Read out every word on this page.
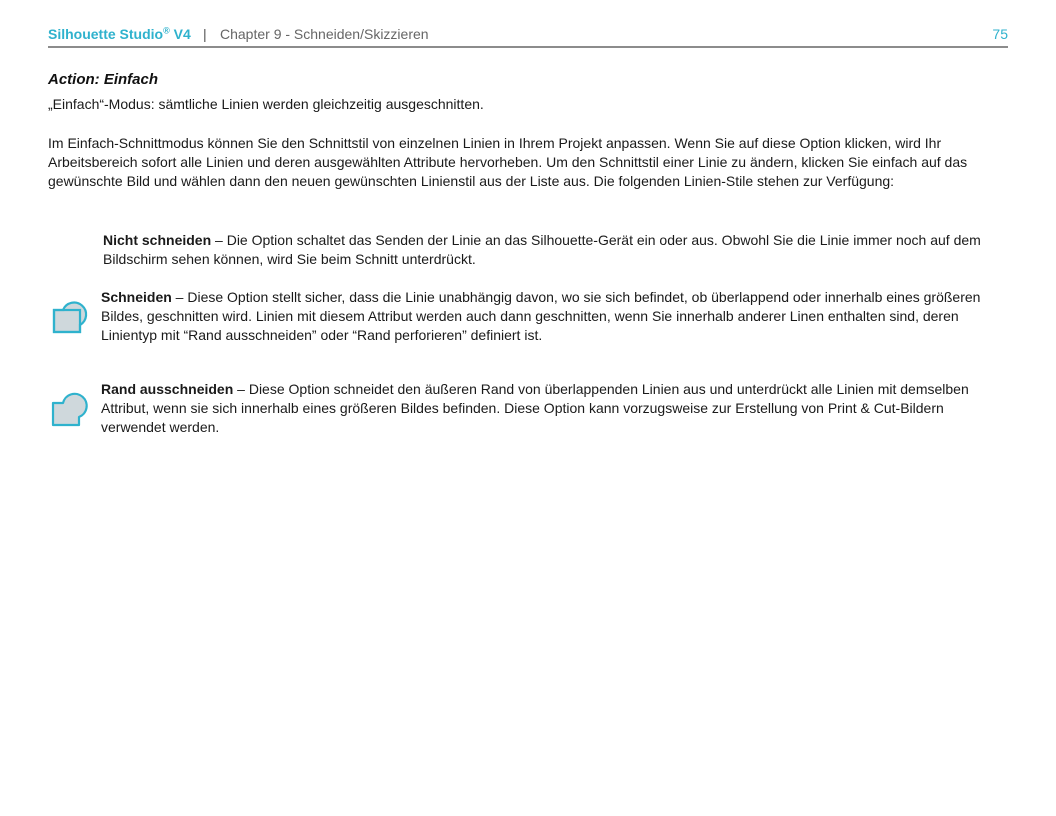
Silhouette Studio® V4 | Chapter 9 - Schneiden/Skizzieren	75
Action: Einfach
„Einfach“-Modus: sämtliche Linien werden gleichzeitig ausgeschnitten.
Im Einfach-Schnittmodus können Sie den Schnittstil von einzelnen Linien in Ihrem Projekt anpassen. Wenn Sie auf diese Option klicken, wird Ihr Arbeitsbereich sofort alle Linien und deren ausgewählten Attribute hervorheben. Um den Schnittstil einer Linie zu ändern, klicken Sie einfach auf das gewünschte Bild und wählen dann den neuen gewünschten Linienstil aus der Liste aus. Die folgenden Linien-Stile stehen zur Verfügung:
Nicht schneiden – Die Option schaltet das Senden der Linie an das Silhouette-Gerät ein oder aus. Obwohl Sie die Linie immer noch auf dem Bildschirm sehen können, wird Sie beim Schnitt unterdrückt.
Schneiden – Diese Option stellt sicher, dass die Linie unabhängig davon, wo sie sich befindet, ob überlappend oder innerhalb eines größeren Bildes, geschnitten wird. Linien mit diesem Attribut werden auch dann geschnitten, wenn Sie innerhalb anderer Linen enthalten sind, deren Linientyp mit “Rand ausschneiden” oder “Rand perforieren” definiert ist.
Rand ausschneiden – Diese Option schneidet den äußeren Rand von überlappenden Linien aus und unterdrückt alle Linien mit demselben Attribut, wenn sie sich innerhalb eines größeren Bildes befinden. Diese Option kann vorzugsweise zur Erstellung von Print & Cut-Bildern verwendet werden.
